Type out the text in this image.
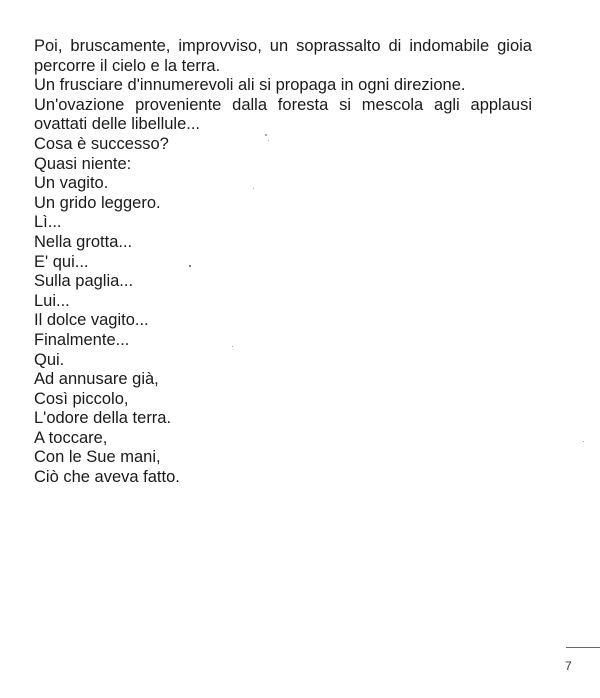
Poi, bruscamente, improvviso, un soprassalto di indomabile gioia percorre il cielo e la terra.

Un frusciare d'innumerevoli ali si propaga in ogni direzione.

Un'ovazione proveniente dalla foresta si mescola agli applausi ovattati delle libellule...

Cosa è successo?

Quasi niente:

Un vagito.

Un grido leggero.

Lì...

Nella grotta...

E' qui...

Sulla paglia...

Lui...

Il dolce vagito...

Finalmente...

Qui.

Ad annusare già,

Così piccolo,

L'odore della terra.

A toccare,

Con le Sue mani,

Ciò che aveva fatto.

7
